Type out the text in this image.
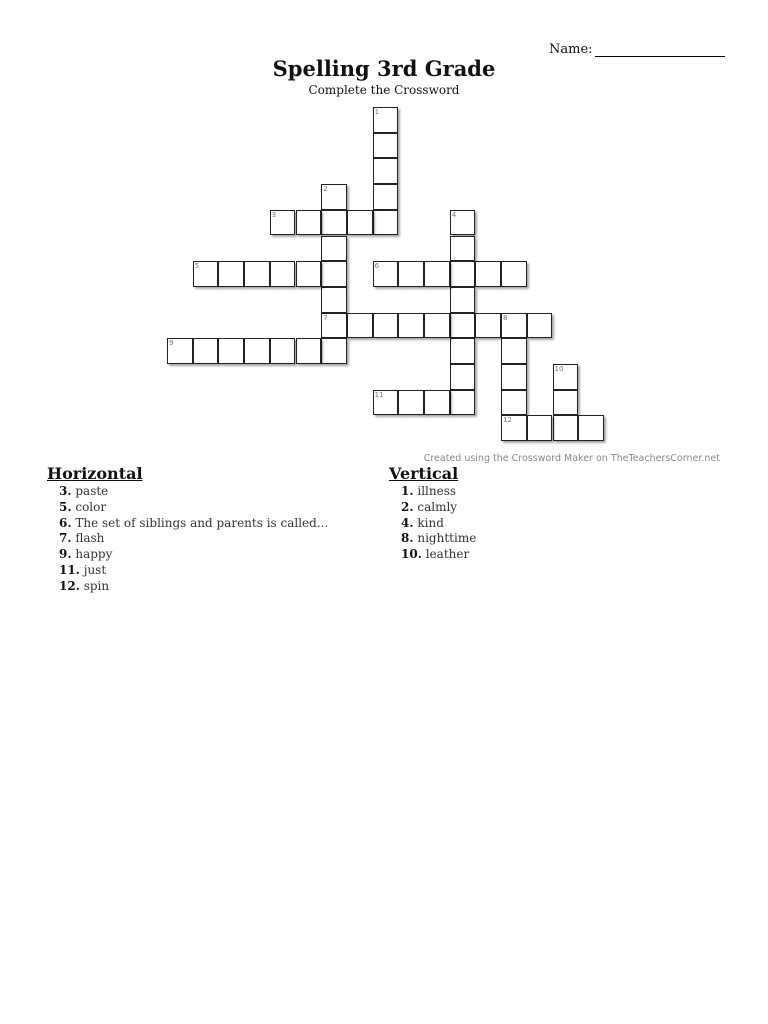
Name:
Spelling 3rd Grade
Complete the Crossword
1
2
7
3	4
5	6
8
12
9
10
11
Created using the Crossword Maker on TheTeachersCorner.net
Horizontal
3. paste
5. color
6. The set of siblings and parents is called...
7. flash
9. happy
11. just
12. spin
Vertical
1. illness
2. calmly
4. kind
8. nighttime
10. leather
